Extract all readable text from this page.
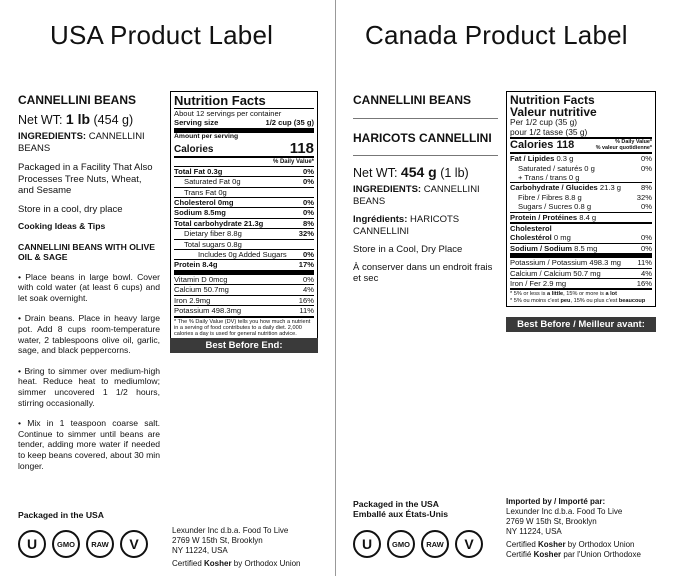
USA Product Label
CANNELLINI BEANS
Net WT: 1 lb (454 g)
INGREDIENTS: CANNELLINI BEANS
Packaged in a Facility That Also Processes Tree Nuts, Wheat, and Sesame
Store in a cool, dry place
Cooking Ideas & Tips
CANNELLINI BEANS WITH OLIVE OIL & SAGE
• Place beans in large bowl. Cover with cold water (at least 6 cups) and let soak overnight.
• Drain beans. Place in heavy large pot. Add 8 cups room-temperature water, 2 tablespoons olive oil, garlic, sage, and black peppercorns.
• Bring to simmer over medium-high heat. Reduce heat to mediumlow; simmer uncovered 1 1/2 hours, stirring occasionally.
• Mix in 1 teaspoon coarse salt. Continue to simmer until beans are tender, adding more water if needed to keep beans covered, about 30 min longer.
Nutrition Facts
About 12 servings per container
Serving size	1/2 cup (35 g)
Amount per serving
Calories	118
% Daily Value*
Total Fat 0.3g	0%
Saturated Fat 0g	0%
Trans Fat 0g
Cholesterol 0mg	0%
Sodium 8.5mg	0%
Total carbohydrate 21.3g	8%
Dietary fiber 8.8g	32%
Total sugars 0.8g
Includes 0g Added Sugars 0%
Protein 8.4g	17%
Vitamin D 0mcg	0%
Calcium 50.7mg	4%
Iron 2.9mg	16%
Potassium 498.3mg	11%
* The % Daily Value (DV) tells you how much a nutrient in a serving of food contributes to a daily diet. 2,000 calories a day is used for general nutrition advice.
Best Before End:
Packaged in the USA
U	GMO	RAW	V
Lexunder Inc d.b.a. Food To Live
2769 W 15th St, Brooklyn
NY 11224, USA
Certified Kosher by Orthodox Union
Canada Product Label
CANNELLINI BEANS
HARICOTS CANNELLINI
Net WT: 454 g (1 lb)
INGREDIENTS: CANNELLINI BEANS
Ingrédients: HARICOTS CANNELLINI
Store in a Cool, Dry Place
À conserver dans un endroit frais et sec
Nutrition Facts
Valeur nutritive
Per 1/2 cup (35 g)
pour 1/2 tasse (35 g)
Calories 118	% Daily Value*
% valeur quotidienne*
Fat / Lipides 0.3 g	0%
Saturated / saturés 0 g	0%
+ Trans / trans 0 g
Carbohydrate / Glucides 21.3 g	8%
Fibre / Fibres 8.8 g	32%
Sugars / Sucres 0.8 g	0%
Protein / Protéines 8.4 g
Cholesterol
Cholestérol 0 mg	0%
Sodium / Sodium 8.5 mg	0%
Potassium / Potassium 498.3 mg 11%
Calcium / Calcium 50.7 mg	4%
Iron / Fer 2.9 mg	16%
* 5% or less is a little, 15% or more is a lot
* 5% ou moins c'est peu, 15% ou plus c'est beaucoup
Best Before / Meilleur avant:
Packaged in the USA
Emballé aux États-Unis
U	GMO	RAW	V
Imported by / Importé par:
Lexunder Inc d.b.a. Food To Live
2769 W 15th St, Brooklyn
NY 11224, USA
Certified Kosher by Orthodox Union
Certifié Kosher par l'Union Orthodoxe
